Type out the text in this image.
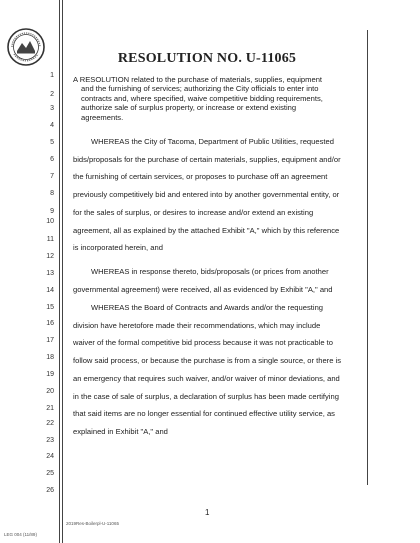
1
2
3
4
5
6
7
8
9
10
11
12
13
14
15
16
17
18
19
20
21
22
23
24
25
26
RESOLUTION NO. U-11065
A RESOLUTION related to the purchase of materials, supplies, equipment
and the furnishing of services; authorizing the City officials to enter into
contracts and, where specified, waive competitive bidding requirements,
authorize sale of surplus property, or increase or extend existing
agreements.
WHEREAS the City of Tacoma, Department of Public Utilities, requested
bids/proposals for the purchase of certain materials, supplies, equipment and/or
the furnishing of certain services, or proposes to purchase off an agreement
previously competitively bid and entered into by another governmental entity, or
for the sales of surplus, or desires to increase and/or extend an existing
agreement, all as explained by the attached Exhibit "A," which by this reference
is incorporated herein, and
WHEREAS in response thereto, bids/proposals (or prices from another
governmental agreement) were received, all as evidenced by Exhibit "A," and
WHEREAS the Board of Contracts and Awards and/or the requesting
division have heretofore made their recommendations, which may include
waiver of the formal competitive bid process because it was not practicable to
follow said process, or because the purchase is from a single source, or there is
an emergency that requires such waiver, and/or waiver of minor deviations, and
in the case of sale of surplus, a declaration of surplus has been made certifying
that said items are no longer essential for continued effective utility service, as
explained in Exhibit "A," and
1
2019Res-Boilerpl-U-11065
LEG 004 (11/89)
